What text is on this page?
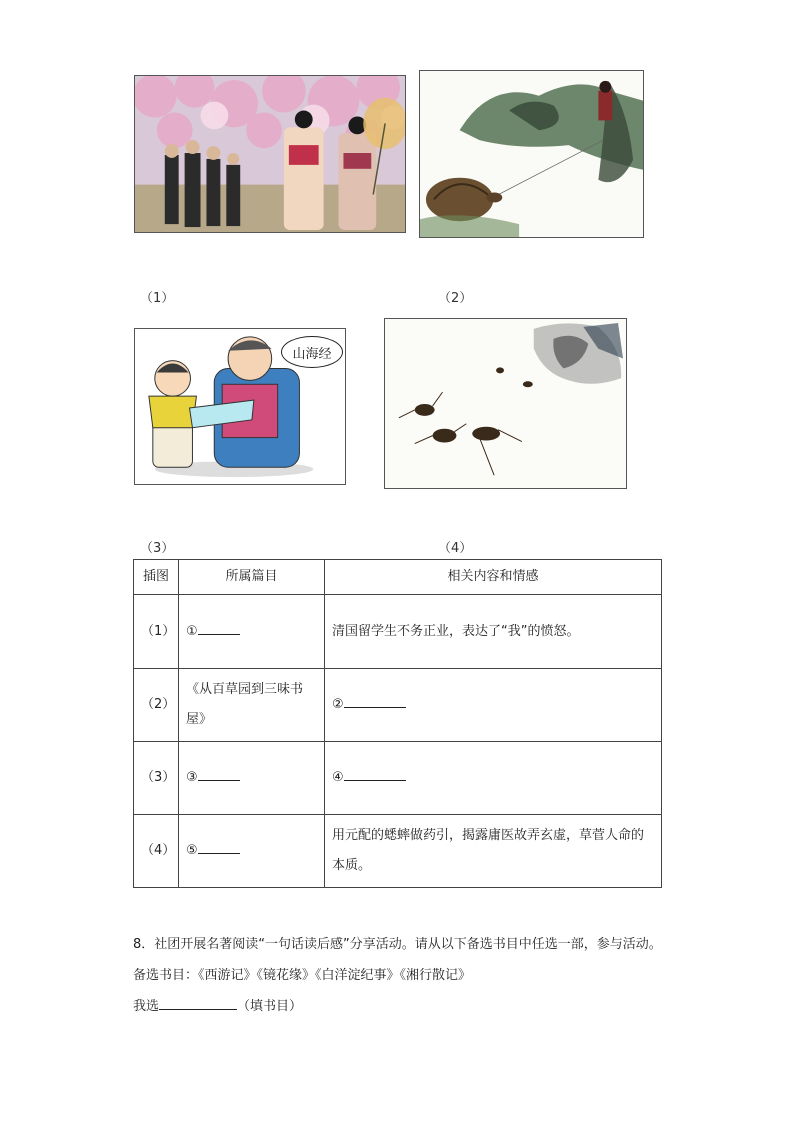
（1）	（2）
山海经
（3）	（4）
插图	所属篇目	相关内容和情感
（1）	①	清国留学生不务正业，表达了“我”的愤怒。
（2）	《从百草园到三味书屋》	②
（3）	③	④
（4）	⑤	用元配的蟋蟀做药引，揭露庸医故弄玄虚，草菅人命的本质。

8．社团开展名著阅读“一句话读后感”分享活动。请从以下备选书目中任选一部，参与活动。

备选书目：《西游记》《镜花缘》《白洋淀纪事》《湘行散记》

我选	（填书目）
